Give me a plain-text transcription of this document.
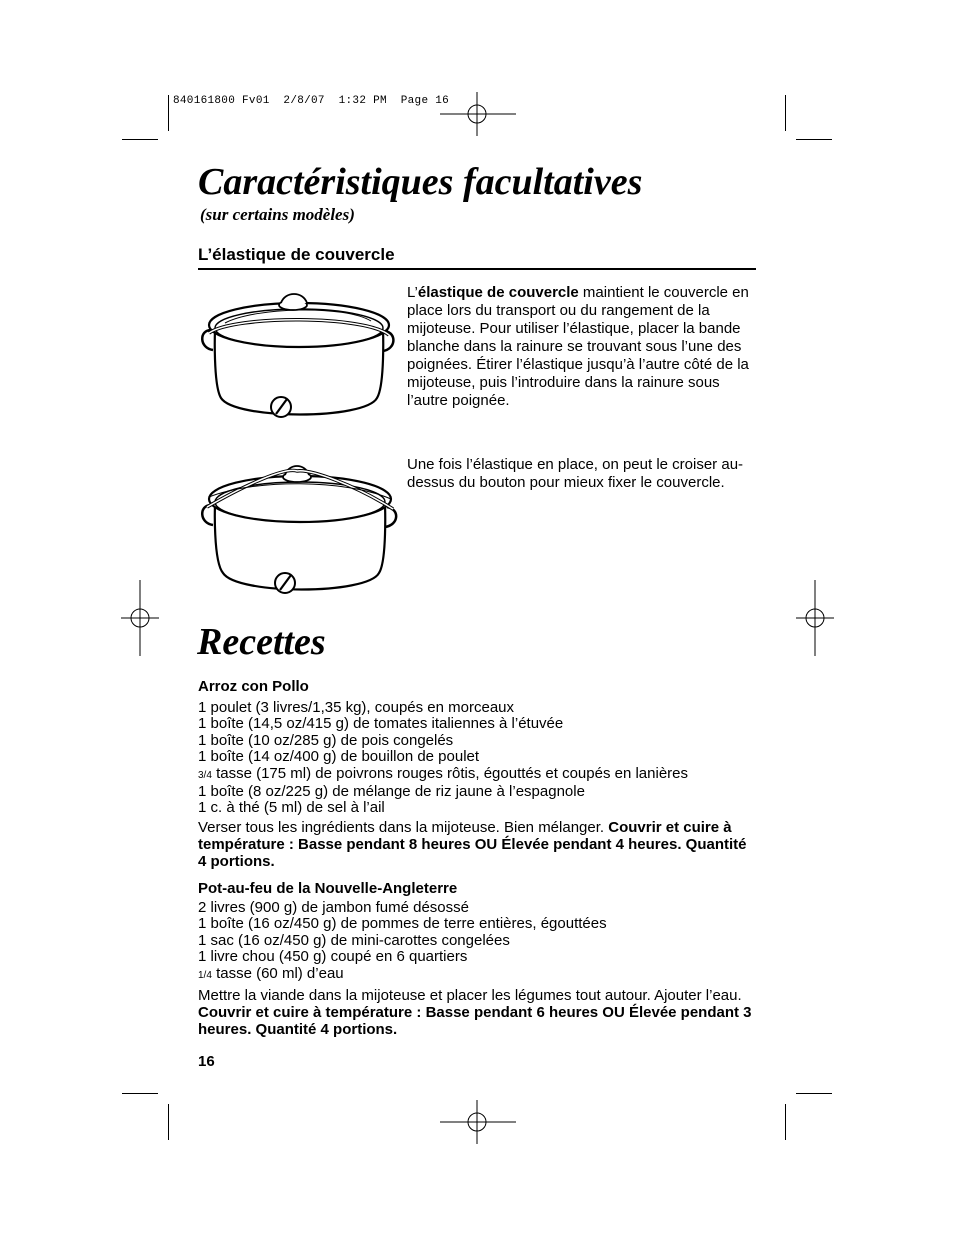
840161800 Fv01  2/8/07  1:32 PM  Page 16
Caractéristiques facultatives
(sur certains modèles)
L’élastique de couvercle
L’élastique de couvercle maintient le couvercle en place lors du transport ou du rangement de la mijoteuse. Pour utiliser l’élastique, placer la bande blanche dans la rainure se trouvant sous l’une des poignées. Étirer l’élastique jusqu’à l’autre côté de la mijoteuse, puis l’introduire dans la rainure sous l’autre poignée.
Une fois l’élastique en place, on peut le croiser au-dessus du bouton pour mieux fixer le couvercle.
Recettes
Arroz con Pollo
1 poulet (3 livres/1,35 kg), coupés en morceaux
1 boîte (14,5 oz/415 g) de tomates italiennes à l’étuvée
1 boîte (10 oz/285 g) de pois congelés
1 boîte (14 oz/400 g) de bouillon de poulet
3/4 tasse (175 ml) de poivrons rouges rôtis, égouttés et coupés en lanières
1 boîte (8 oz/225 g) de mélange de riz jaune à l’espagnole
1 c. à thé (5 ml) de sel à l’ail
Verser tous les ingrédients dans la mijoteuse. Bien mélanger. Couvrir et cuire à température : Basse pendant 8 heures OU Élevée pendant 4 heures. Quantité 4 portions.
Pot-au-feu de la Nouvelle-Angleterre
2 livres (900 g) de jambon fumé désossé
1 boîte (16 oz/450 g) de pommes de terre entières, égouttées
1 sac (16 oz/450 g) de mini-carottes congelées
1 livre chou (450 g) coupé en 6 quartiers
1/4 tasse (60 ml) d’eau
Mettre la viande dans la mijoteuse et placer les légumes tout autour. Ajouter l’eau. Couvrir et cuire à température : Basse pendant 6 heures OU Élevée pendant 3 heures. Quantité 4 portions.
16
